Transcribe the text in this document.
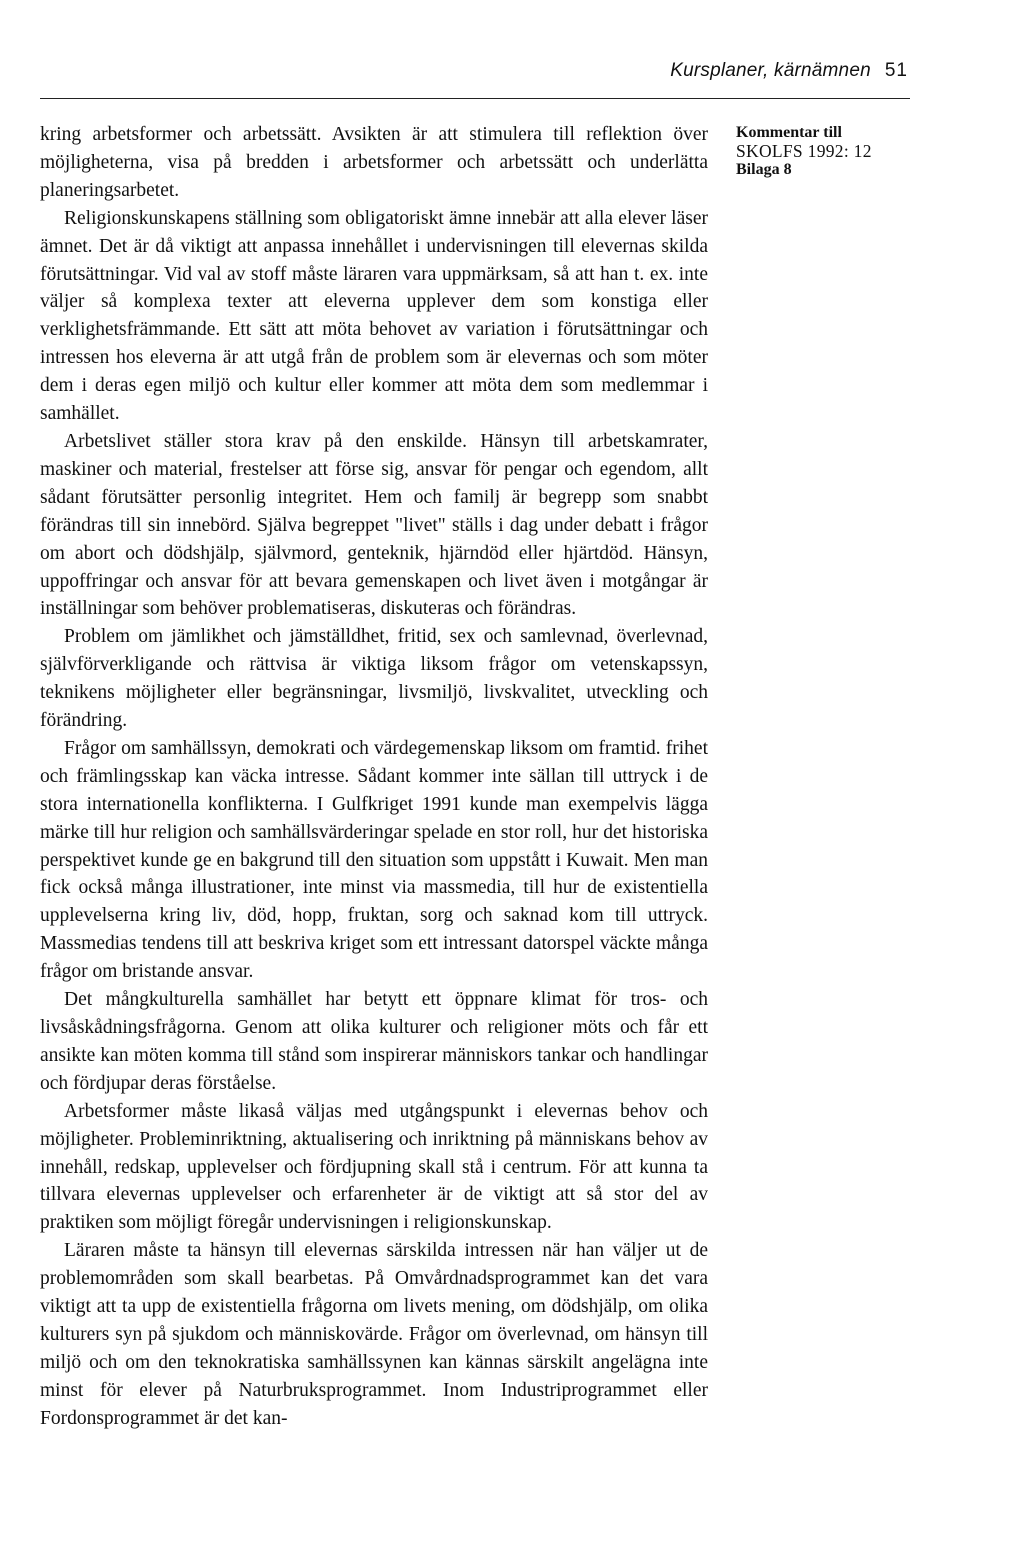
Kursplaner, kärnämnen 51
Kommentar till
SKOLFS 1992: 12
Bilaga 8

kring arbetsformer och arbetssätt. Avsikten är att stimulera till reflektion över möjligheterna, visa på bredden i arbetsformer och arbetssätt och underlätta planeringsarbetet.

Religionskunskapens ställning som obligatoriskt ämne innebär att alla elever läser ämnet. Det är då viktigt att anpassa innehållet i undervisningen till elevernas skilda förutsättningar. Vid val av stoff måste läraren vara uppmärksam, så att han t. ex. inte väljer så komplexa texter att eleverna upplever dem som konstiga eller verklighetsfrämmande. Ett sätt att möta behovet av variation i förutsättningar och intressen hos eleverna är att utgå från de problem som är elevernas och som möter dem i deras egen miljö och kultur eller kommer att möta dem som medlemmar i samhället.

Arbetslivet ställer stora krav på den enskilde. Hänsyn till arbetskamrater, maskiner och material, frestelser att förse sig, ansvar för pengar och egendom, allt sådant förutsätter personlig integritet. Hem och familj är begrepp som snabbt förändras till sin innebörd. Själva begreppet "livet" ställs i dag under debatt i frågor om abort och dödshjälp, självmord, genteknik, hjärndöd eller hjärtdöd. Hänsyn, uppoffringar och ansvar för att bevara gemenskapen och livet även i motgångar är inställningar som behöver problematiseras, diskuteras och förändras.

Problem om jämlikhet och jämställdhet, fritid, sex och samlevnad, överlevnad, självförverkligande och rättvisa är viktiga liksom frågor om vetenskapssyn, teknikens möjligheter eller begränsningar, livsmiljö, livskvalitet, utveckling och förändring.

Frågor om samhällssyn, demokrati och värdegemenskap liksom om framtid. frihet och främlingsskap kan väcka intresse. Sådant kommer inte sällan till uttryck i de stora internationella konflikterna. I Gulfkriget 1991 kunde man exempelvis lägga märke till hur religion och samhällsvärderingar spelade en stor roll, hur det historiska perspektivet kunde ge en bakgrund till den situation som uppstått i Kuwait. Men man fick också många illustrationer, inte minst via massmedia, till hur de existentiella upplevelserna kring liv, död, hopp, fruktan, sorg och saknad kom till uttryck. Massmedias tendens till att beskriva kriget som ett intressant datorspel väckte många frågor om bristande ansvar.

Det mångkulturella samhället har betytt ett öppnare klimat för tros- och livsåskådningsfrågorna. Genom att olika kulturer och religioner möts och får ett ansikte kan möten komma till stånd som inspirerar människors tankar och handlingar och fördjupar deras förståelse.

Arbetsformer måste likaså väljas med utgångspunkt i elevernas behov och möjligheter. Probleminriktning, aktualisering och inriktning på människans behov av innehåll, redskap, upplevelser och fördjupning skall stå i centrum. För att kunna ta tillvara elevernas upplevelser och erfarenheter är de viktigt att så stor del av praktiken som möjligt föregår undervisningen i religionskunskap.

Läraren måste ta hänsyn till elevernas särskilda intressen när han väljer ut de problemområden som skall bearbetas. På Omvårdnadsprogrammet kan det vara viktigt att ta upp de existentiella frågorna om livets mening, om dödshjälp, om olika kulturers syn på sjukdom och människovärde. Frågor om överlevnad, om hänsyn till miljö och om den teknokratiska samhällssynen kan kännas särskilt angelägna inte minst för elever på Naturbruksprogrammet. Inom Industriprogrammet eller Fordonsprogrammet är det kan-
